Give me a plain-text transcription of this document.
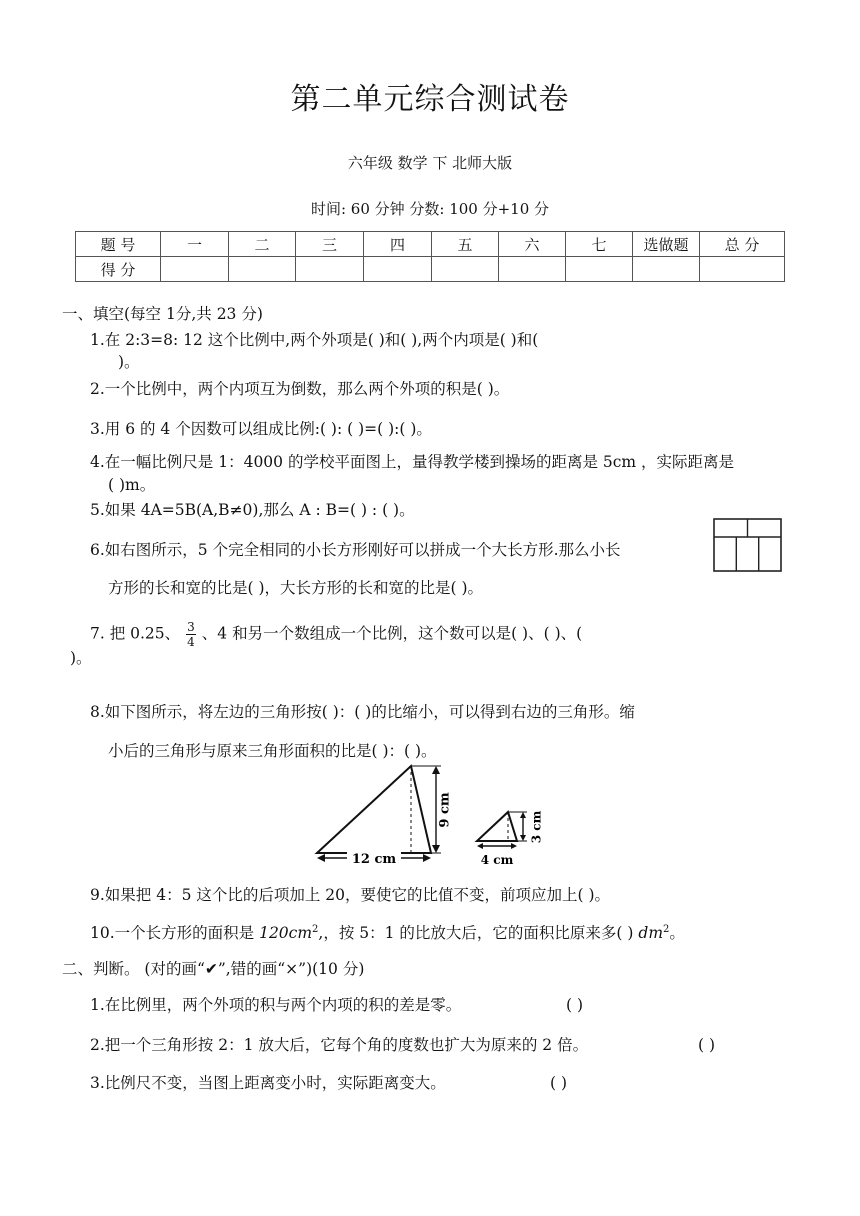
第二单元综合测试卷
六年级 数学 下 北师大版
时间: 60 分钟 分数: 100 分+10 分
题 号	一	二	三	四	五	六	七	选做题	总 分
得 分									
一、填空(每空 1分,共 23 分)
1.在 2:3=8: 12 这个比例中,两个外项是( )和( ),两个内项是( )和(
)。
2.一个比例中，两个内项互为倒数，那么两个外项的积是( )。
3.用 6 的 4 个因数可以组成比例:( ): ( )=( ):( )。
4.在一幅比例尺是 1：4000 的学校平面图上，量得教学楼到操场的距离是 5cm ，实际距离是
( )m。
5.如果 4A=5B(A,B≠0),那么 A : B=( ) : ( )。
6.如右图所示，5 个完全相同的小长方形刚好可以拼成一个大长方形.那么小长
方形的长和宽的比是( )，大长方形的长和宽的比是( )。
7. 把 0.25、 $\frac{3}{4}$ 、4 和另一个数组成一个比例，这个数可以是( )、( )、(
)。
8.如下图所示，将左边的三角形按( )：( )的比缩小，可以得到右边的三角形。缩
小后的三角形与原来三角形面积的比是( )：( )。
9 cm
12 cm
3 cm
4 cm
9.如果把 4：5 这个比的后项加上 20，要使它的比值不变，前项应加上( )。
10.一个长方形的面积是 $120cm^2$,，按 5：1 的比放大后，它的面积比原来多( ) $dm^2$。
二、判断。 (对的画“✔”,错的画“×”)(10 分)
1.在比例里，两个外项的积与两个内项的积的差是零。	( )
2.把一个三角形按 2：1 放大后，它每个角的度数也扩大为原来的 2 倍。	( )
3.比例尺不变，当图上距离变小时，实际距离变大。	( )
